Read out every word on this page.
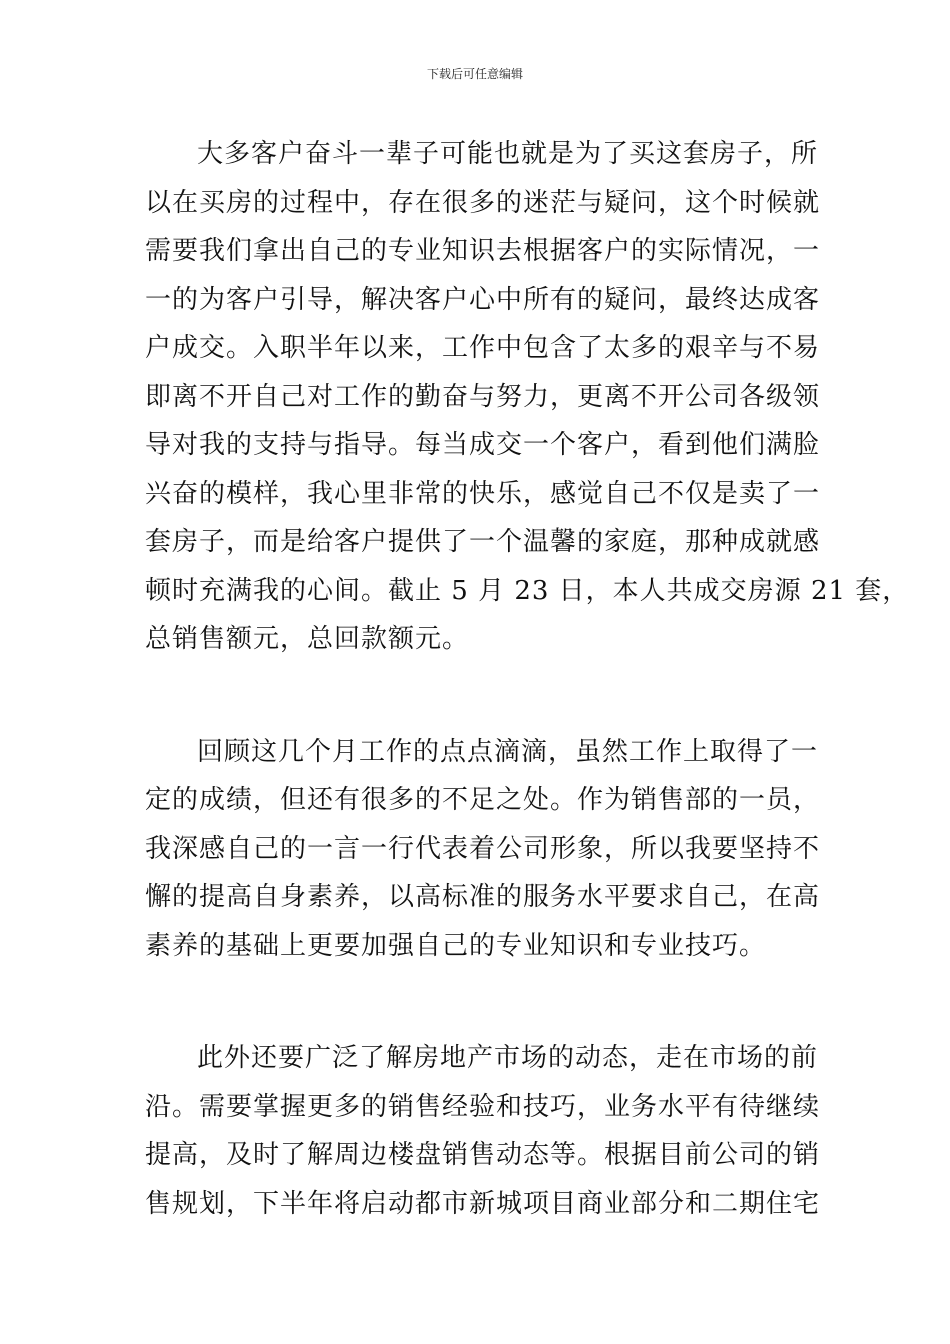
下载后可任意编辑
大多客户奋斗一辈子可能也就是为了买这套房子，所
以在买房的过程中，存在很多的迷茫与疑问，这个时候就
需要我们拿出自己的专业知识去根据客户的实际情况，一
一的为客户引导，解决客户心中所有的疑问，最终达成客
户成交。入职半年以来，工作中包含了太多的艰辛与不易
即离不开自己对工作的勤奋与努力，更离不开公司各级领
导对我的支持与指导。每当成交一个客户，看到他们满脸
兴奋的模样，我心里非常的快乐，感觉自己不仅是卖了一
套房子，而是给客户提供了一个温馨的家庭，那种成就感
顿时充满我的心间。截止 5 月 23 日，本人共成交房源 21 套，
总销售额元，总回款额元。
回顾这几个月工作的点点滴滴，虽然工作上取得了一
定的成绩，但还有很多的不足之处。作为销售部的一员，
我深感自己的一言一行代表着公司形象，所以我要坚持不
懈的提高自身素养，以高标准的服务水平要求自己，在高
素养的基础上更要加强自己的专业知识和专业技巧。
此外还要广泛了解房地产市场的动态，走在市场的前
沿。需要掌握更多的销售经验和技巧，业务水平有待继续
提高，及时了解周边楼盘销售动态等。根据目前公司的销
售规划，下半年将启动都市新城项目商业部分和二期住宅
